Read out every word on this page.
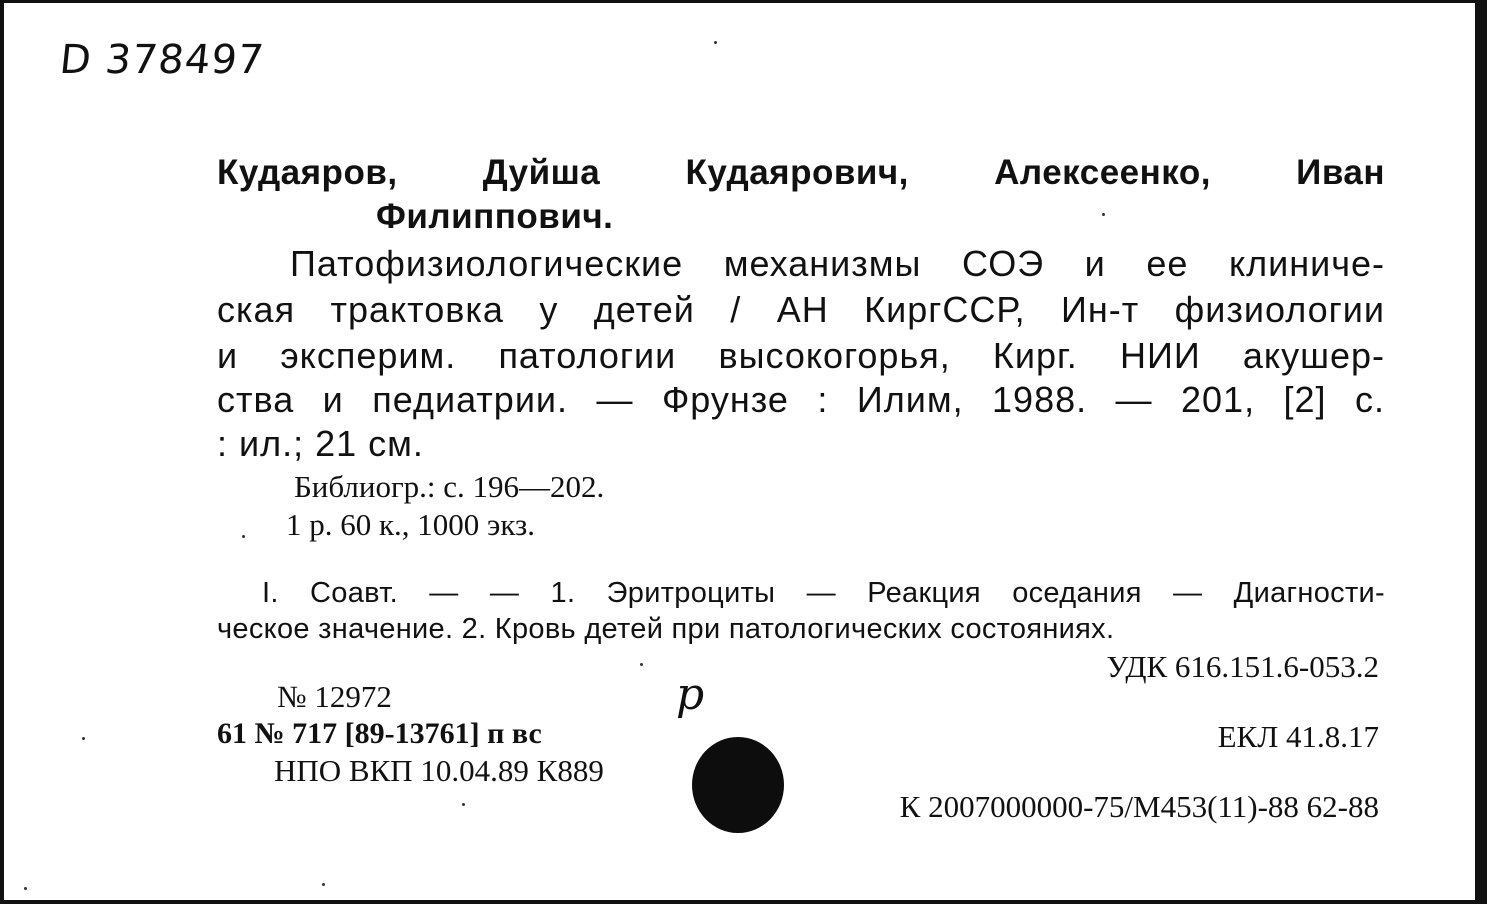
D 378497
Кудаяров, Дуйша Кудаярович, Алексеенко, Иван
Филиппович.
Патофизиологические механизмы СОЭ и ее клиниче-
ская трактовка у детей / АН КиргССР, Ин-т физиологии
и эксперим. патологии высокогорья, Кирг. НИИ акушер-
ства и педиатрии. — Фрунзе : Илим, 1988. — 201, [2] с.
: ил.; 21 см.
Библиогр.: с. 196—202.
1 р. 60 к., 1000 экз.
I. Соавт. — — 1. Эритроциты — Реакция оседания — Диагности-
ческое значение. 2. Кровь детей при патологических состояниях.
УДК 616.151.6-053.2
№ 12972
61 № 717 [89-13761] п вс
НПО ВКП 10.04.89 К889
ЕКЛ 41.8.17
К 2007000000-75/М453(11)-88 62-88
р
